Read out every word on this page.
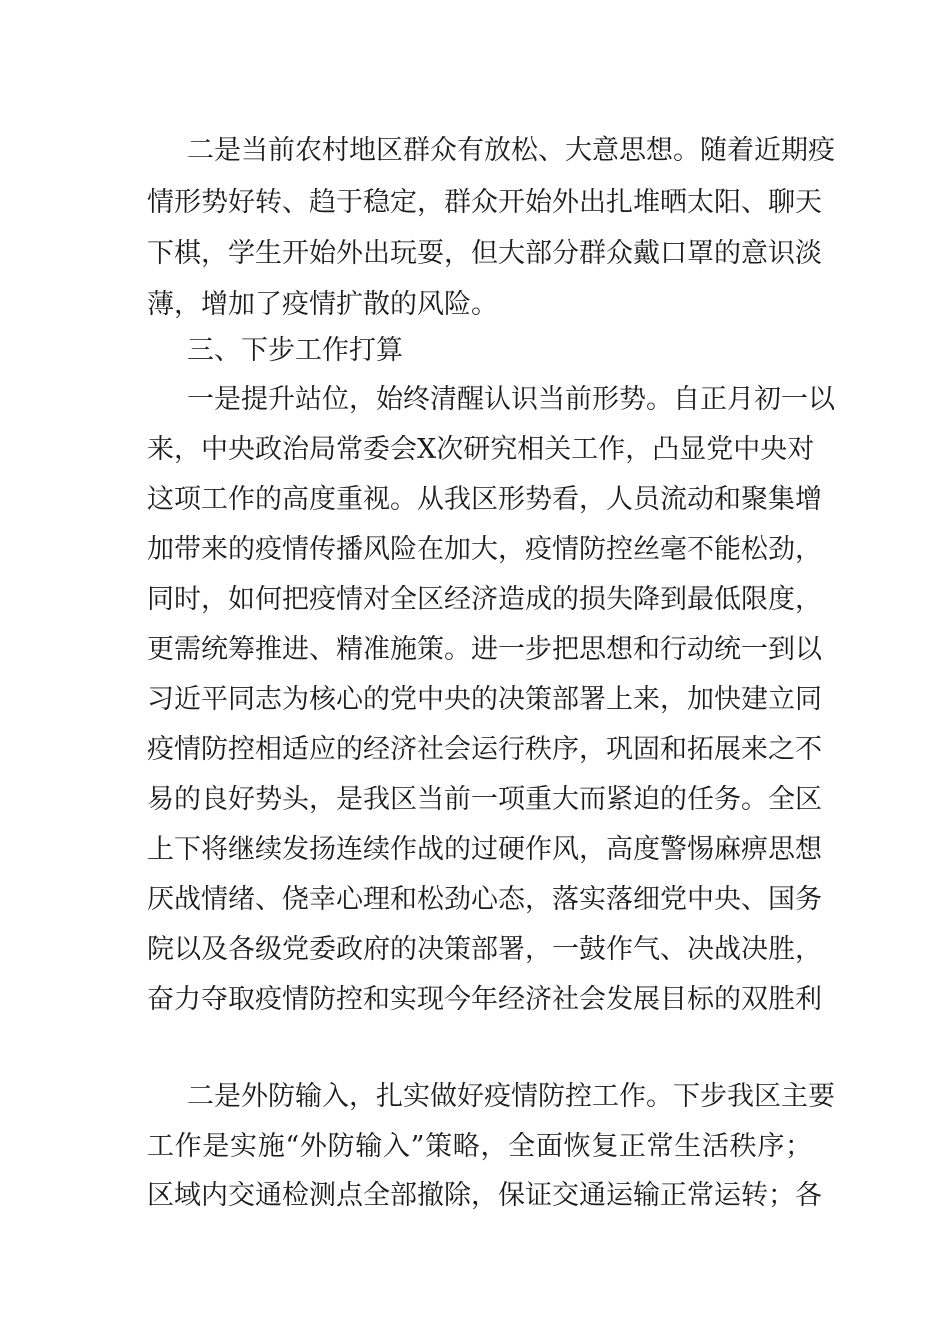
二是当前农村地区群众有放松、大意思想。随着近期疫
情形势好转、趋于稳定，群众开始外出扎堆晒太阳、聊天
下棋，学生开始外出玩耍，但大部分群众戴口罩的意识淡
薄，增加了疫情扩散的风险。
三、下步工作打算
一是提升站位，始终清醒认识当前形势。自正月初一以
来，中央政治局常委会X次研究相关工作，凸显党中央对
这项工作的高度重视。从我区形势看，人员流动和聚集增
加带来的疫情传播风险在加大，疫情防控丝毫不能松劲，
同时，如何把疫情对全区经济造成的损失降到最低限度，
更需统筹推进、精准施策。进一步把思想和行动统一到以
习近平同志为核心的党中央的决策部署上来，加快建立同
疫情防控相适应的经济社会运行秩序，巩固和拓展来之不
易的良好势头，是我区当前一项重大而紧迫的任务。全区
上下将继续发扬连续作战的过硬作风，高度警惕麻痹思想
厌战情绪、侥幸心理和松劲心态，落实落细党中央、国务
院以及各级党委政府的决策部署，一鼓作气、决战决胜，
奋力夺取疫情防控和实现今年经济社会发展目标的双胜利
二是外防输入，扎实做好疫情防控工作。下步我区主要
工作是实施“外防输入”策略，全面恢复正常生活秩序；
区域内交通检测点全部撤除，保证交通运输正常运转；各
